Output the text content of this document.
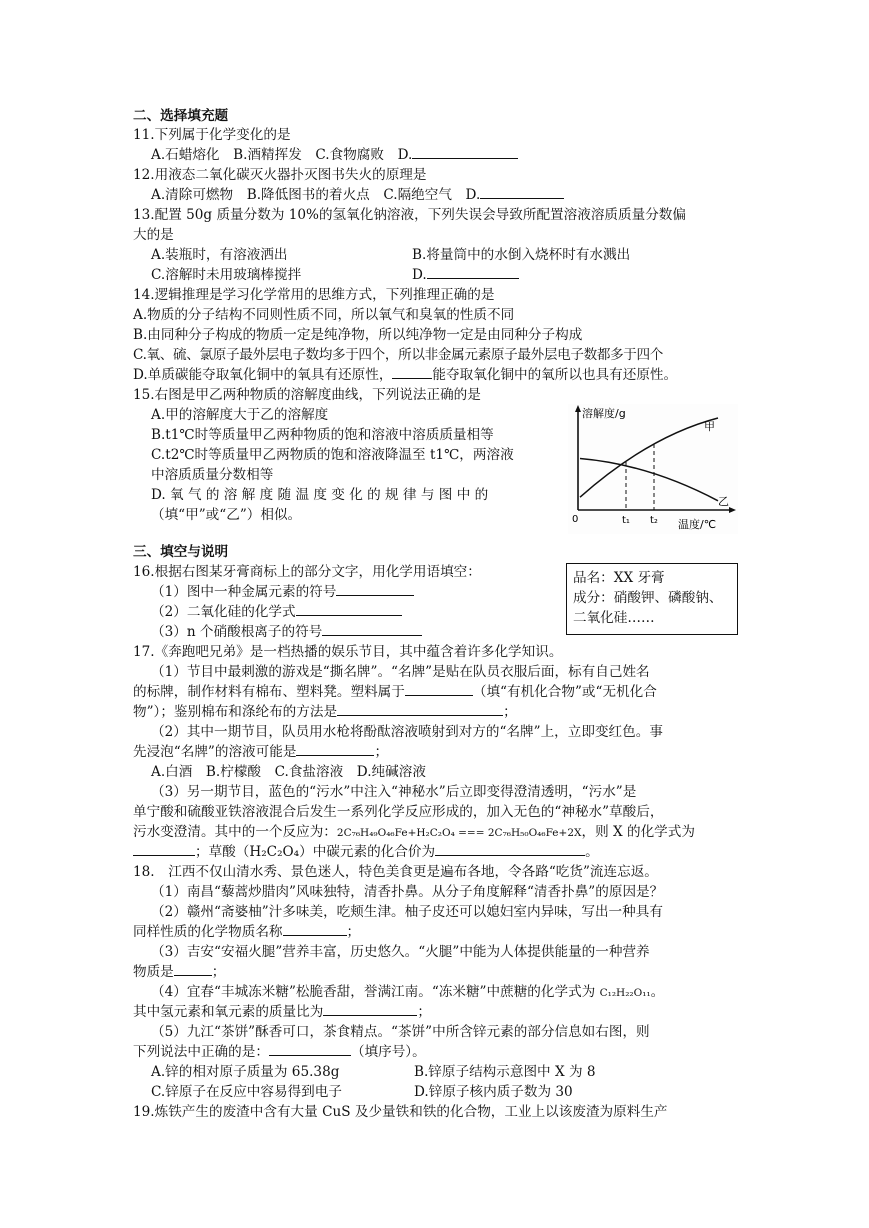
二、选择填充题
11.下列属于化学变化的是
A.石蜡熔化　B.酒精挥发　C.食物腐败　D.
12.用液态二氧化碳灭火器扑灭图书失火的原理是
A.清除可燃物　B.降低图书的着火点　C.隔绝空气　D.
13.配置 50g 质量分数为 10%的氢氧化钠溶液，下列失误会导致所配置溶液溶质质量分数偏
大的是
A.装瓶时，有溶液洒出	B.将量筒中的水倒入烧杯时有水溅出
C.溶解时未用玻璃棒搅拌	D.
14.逻辑推理是学习化学常用的思维方式，下列推理正确的是
A.物质的分子结构不同则性质不同，所以氧气和臭氧的性质不同
B.由同种分子构成的物质一定是纯净物，所以纯净物一定是由同种分子构成
C.氧、硫、氯原子最外层电子数均多于四个，所以非金属元素原子最外层电子数都多于四个
D.单质碳能夺取氧化铜中的氧具有还原性，	能夺取氧化铜中的氧所以也具有还原性。
15.右图是甲乙两种物质的溶解度曲线，下列说法正确的是
A.甲的溶解度大于乙的溶解度
B.t1℃时等质量甲乙两种物质的饱和溶液中溶质质量相等
C.t2℃时等质量甲乙两物质的饱和溶液降温至 t1℃，两溶液
中溶质质量分数相等
D. 氧 气 的 溶 解 度 随 温 度 变 化 的 规 律 与 图 中 的
（填“甲”或“乙”）相似。
溶解度/g
温度/℃
0	t₁ t₂
甲
乙
三、填空与说明
16.根据右图某牙膏商标上的部分文字，用化学用语填空：
（1）图中一种金属元素的符号
（2）二氧化硅的化学式
（3）n 个硝酸根离子的符号
品名：XX 牙膏
成分：硝酸钾、磷酸钠、
二氧化硅……
17.《奔跑吧兄弟》是一档热播的娱乐节目，其中蕴含着许多化学知识。
（1）节目中最刺激的游戏是“撕名牌”。“名牌”是贴在队员衣服后面，标有自己姓名
的标牌，制作材料有棉布、塑料凳。塑料属于	（填“有机化合物”或“无机化合
物”）；鉴别棉布和涤纶布的方法是	；
（2）其中一期节目，队员用水枪将酚酞溶液喷射到对方的“名牌”上，立即变红色。事
先浸泡“名牌”的溶液可能是	；
A.白酒　B.柠檬酸　C.食盐溶液　D.纯碱溶液
（3）另一期节目，蓝色的“污水”中注入“神秘水”后立即变得澄清透明，“污水”是
单宁酸和硫酸亚铁溶液混合后发生一系列化学反应形成的，加入无色的“神秘水”草酸后，
污水变澄清。其中的一个反应为：2C₇₆H₄₉O₄₆Fe+H₂C₂O₄ === 2C₇₆H₅₀O₄₆Fe+2X，则 X 的化学式为
；草酸（H₂C₂O₄）中碳元素的化合价为	。
18.　江西不仅山清水秀、景色迷人，特色美食更是遍布各地，令各路“吃货”流连忘返。
（1）南昌“藜蒿炒腊肉”风味独特，清香扑鼻。从分子角度解释“清香扑鼻”的原因是？
（2）赣州“斋婆柚”汁多味美，吃颊生津。柚子皮还可以媳妇室内异味，写出一种具有
同样性质的化学物质名称	；
（3）吉安“安福火腿”营养丰富，历史悠久。“火腿”中能为人体提供能量的一种营养
物质是	；
（4）宜春“丰城冻米糖”松脆香甜，誉满江南。“冻米糖”中蔗糖的化学式为 C₁₂H₂₂O₁₁。
其中氢元素和氧元素的质量比为	；
（5）九江“茶饼”酥香可口，茶食精点。“茶饼”中所含锌元素的部分信息如右图，则
下列说法中正确的是：	（填序号）。
A.锌的相对原子质量为 65.38g	B.锌原子结构示意图中 X 为 8
C.锌原子在反应中容易得到电子	D.锌原子核内质子数为 30
19.炼铁产生的废渣中含有大量 CuS 及少量铁和铁的化合物，工业上以该废渣为原料生产
